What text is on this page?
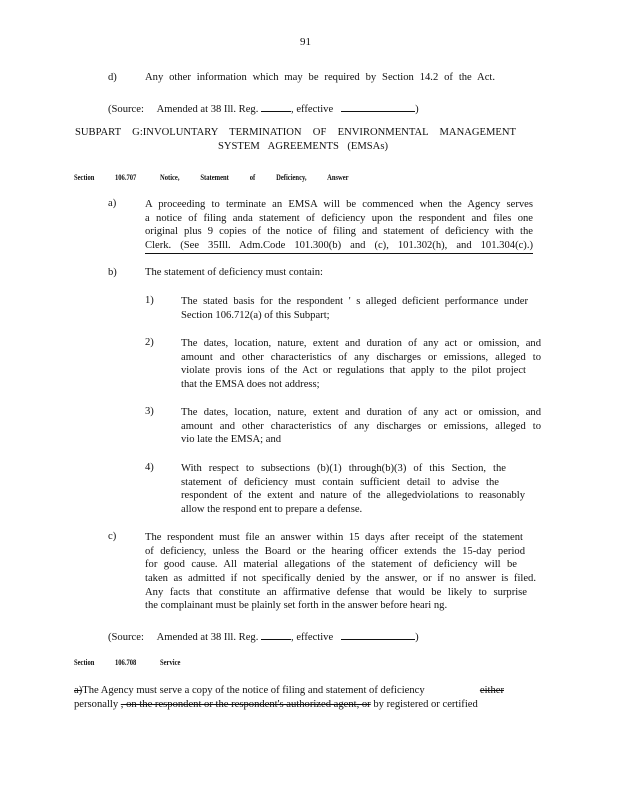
91
d)	Any other information which may be required by Section 14.2 of the Act.
(Source: Amended at 38 Ill. Reg.	, effective	)
SUBPART G:INVOLUNTARY TERMINATION OF ENVIRONMENTAL MANAGEMENT
SYSTEM AGREEMENTS (EMSAs)
Section	106.707	Notice, Statement of Deficiency, Answer
a)	A proceeding to terminate an EMSA will be commenced when the Agency serves
a notice of filing anda statement of deficiency upon the respondent and files one
original plus 9 copies of the notice of filing and statement of deficiency with the
Clerk. (See 35Ill. Adm.Code 101.300(b) and (c), 101.302(h), and 101.304(c).)
b)	The statement of deficiency must contain:
1)	The stated basis for the respondent ' s alleged deficient performance under
Section 106.712(a) of this Subpart;
2)	The dates, location, nature, extent and duration of any act or omission, and
amount and other characteristics of any discharges or emissions, alleged to
violate provis ions of the Act or regulations that apply to the pilot project
that the EMSA does not address;
3)	The dates, location, nature, extent and duration of any act or omission, and
amount and other characteristics of any discharges or emissions, alleged to
vio late the EMSA; and
4)	With respect to subsections (b)(1) through(b)(3) of this Section, the
statement of deficiency must contain sufficient detail to advise the
respondent of the extent and nature of the allegedviolations to reasonably
allow the respond ent to prepare a defense.
c)	The respondent must file an answer within 15 days after receipt of the statement
of deficiency, unless the Board or the hearing officer extends the 15-day period
for good cause. All material allegations of the statement of deficiency will be
taken as admitted if not specifically denied by the answer, or if no answer is filed.
Any facts that constitute an affirmative defense that would be likely to surprise
the complainant must be plainly set forth in the answer before heari ng.
(Source: Amended at 38 Ill. Reg.	, effective	)
Section	106.708	Service
a)The Agency must serve a copy of the notice of filing and statement of deficiency	either
personally , on the respondent or the respondent's authorized agent, or by registered or certified
